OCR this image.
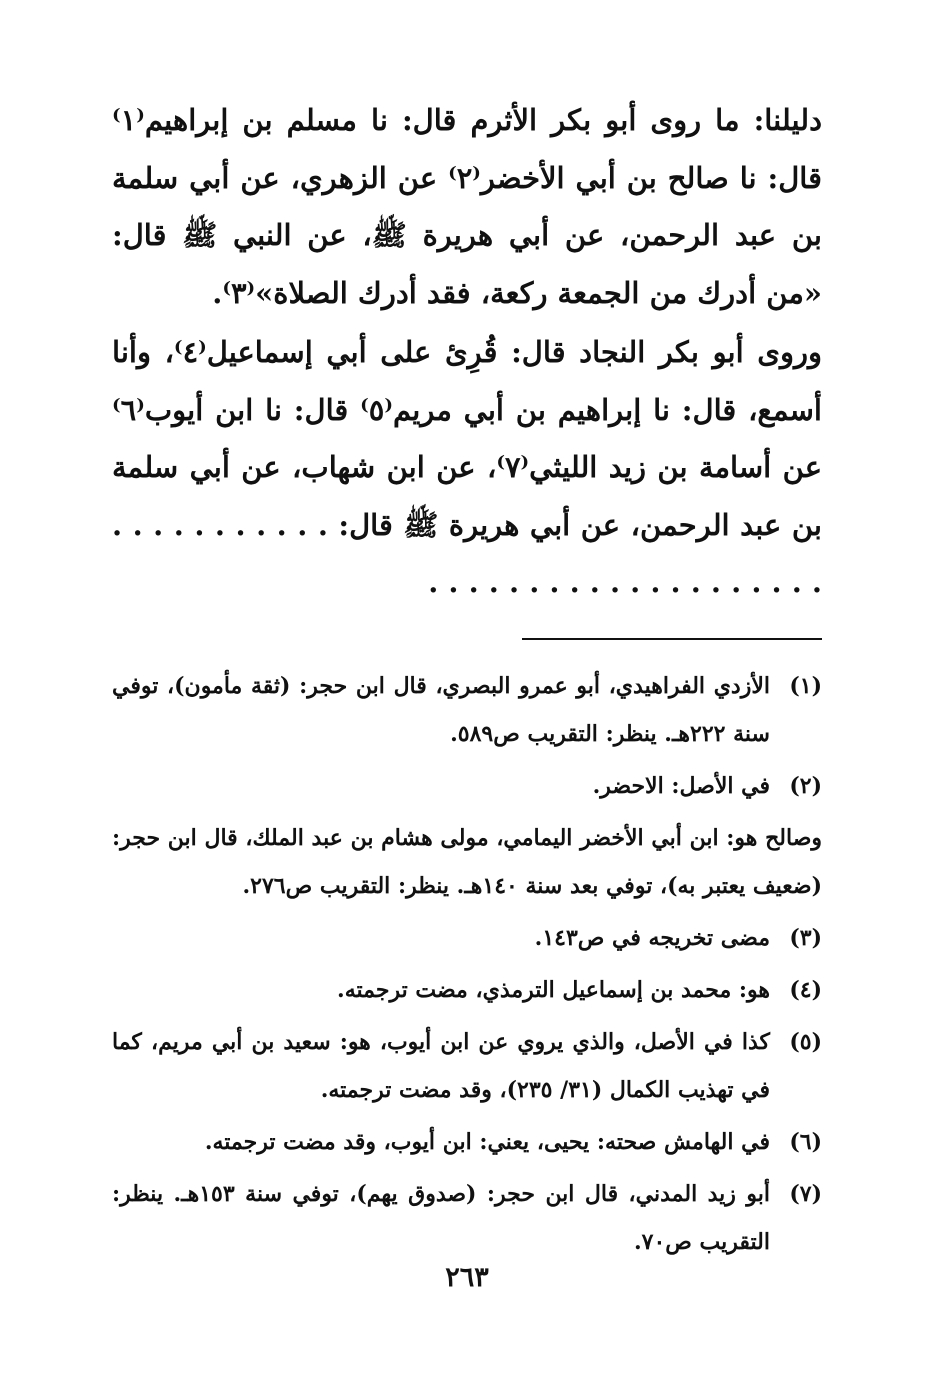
دليلنا: ما روى أبو بكر الأثرم قال: نا مسلم بن إبراهيم⁽١⁾ قال: نا صالح بن أبي الأخضر⁽٢⁾ عن الزهري، عن أبي سلمة بن عبد الرحمن، عن أبي هريرة ﷺ، عن النبي ﷺ قال: «من أدرك من الجمعة ركعة، فقد أدرك الصلاة»⁽٣⁾.

وروى أبو بكر النجاد قال: قُرِئ على أبي إسماعيل⁽٤⁾، وأنا أسمع، قال: نا إبراهيم بن أبي مريم⁽٥⁾ قال: نا ابن أيوب⁽٦⁾ عن أسامة بن زيد الليثي⁽٧⁾، عن ابن شهاب، عن أبي سلمة بن عبد الرحمن، عن أبي هريرة ﷺ قال: . . . . . . . . . . . . . . . . . . . . . . . . . . . . . . .

(١)
الأزدي الفراهيدي، أبو عمرو البصري، قال ابن حجر: (ثقة مأمون)، توفي سنة ٢٢٢هـ. ينظر: التقريب ص٥٨٩.
(٢)
في الأصل: الاحضر.

وصالح هو: ابن أبي الأخضر اليمامي، مولى هشام بن عبد الملك، قال ابن حجر: (ضعيف يعتبر به)، توفي بعد سنة ١٤٠هـ. ينظر: التقريب ص٢٧٦.

(٣)
مضى تخريجه في ص١٤٣.
(٤)
هو: محمد بن إسماعيل الترمذي، مضت ترجمته.
(٥)
كذا في الأصل، والذي يروي عن ابن أيوب، هو: سعيد بن أبي مريم، كما في تهذيب الكمال (٣١/ ٢٣٥)، وقد مضت ترجمته.
(٦)
في الهامش صحته: يحيى، يعني: ابن أيوب، وقد مضت ترجمته.
(٧)
أبو زيد المدني، قال ابن حجر: (صدوق يهم)، توفي سنة ١٥٣هـ. ينظر: التقريب ص٧٠.
٢٦٣
